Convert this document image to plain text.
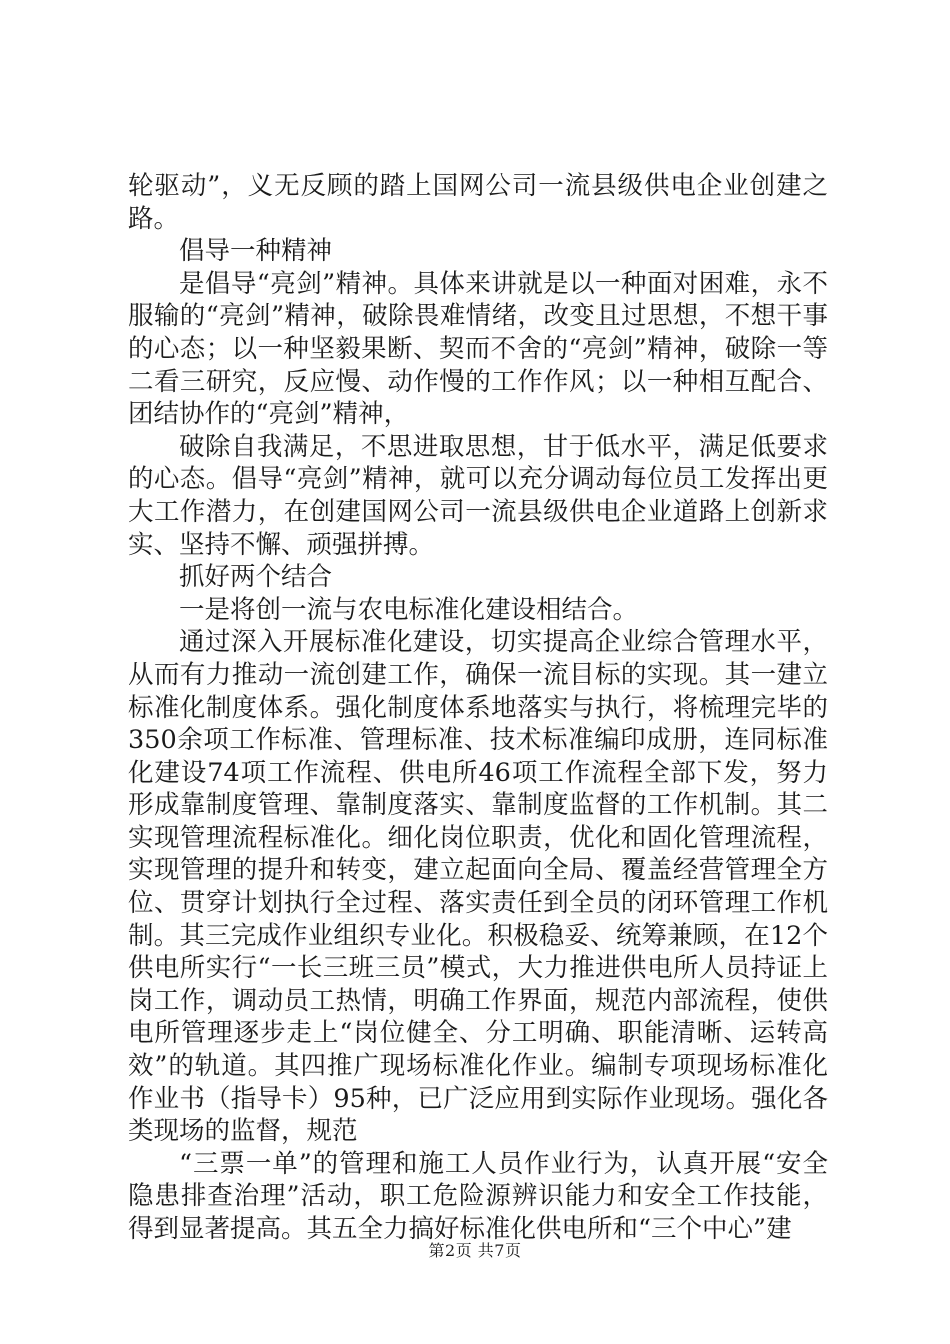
轮驱动”，义无反顾的踏上国网公司一流县级供电企业创建之路。

倡导一种精神

是倡导“亮剑”精神。具体来讲就是以一种面对困难，永不服输的“亮剑”精神，破除畏难情绪，改变且过思想，不想干事的心态；以一种坚毅果断、契而不舍的“亮剑”精神，破除一等二看三研究，反应慢、动作慢的工作作风；以一种相互配合、团结协作的“亮剑”精神，

破除自我满足，不思进取思想，甘于低水平，满足低要求的心态。倡导“亮剑”精神，就可以充分调动每位员工发挥出更大工作潜力，在创建国网公司一流县级供电企业道路上创新求实、坚持不懈、顽强拼搏。

抓好两个结合

一是将创一流与农电标准化建设相结合。

通过深入开展标准化建设，切实提高企业综合管理水平，从而有力推动一流创建工作，确保一流目标的实现。其一建立标准化制度体系。强化制度体系地落实与执行，将梳理完毕的350余项工作标准、管理标准、技术标准编印成册，连同标准化建设74项工作流程、供电所46项工作流程全部下发，努力形成靠制度管理、靠制度落实、靠制度监督的工作机制。其二实现管理流程标准化。细化岗位职责，优化和固化管理流程，实现管理的提升和转变，建立起面向全局、覆盖经营管理全方位、贯穿计划执行全过程、落实责任到全员的闭环管理工作机制。其三完成作业组织专业化。积极稳妥、统筹兼顾，在12个供电所实行“一长三班三员”模式，大力推进供电所人员持证上岗工作，调动员工热情，明确工作界面，规范内部流程，使供电所管理逐步走上“岗位健全、分工明确、职能清晰、运转高效”的轨道。其四推广现场标准化作业。编制专项现场标准化作业书（指导卡）95种，已广泛应用到实际作业现场。强化各类现场的监督，规范

“三票一单”的管理和施工人员作业行为，认真开展“安全隐患排查治理”活动，职工危险源辨识能力和安全工作技能，得到显著提高。其五全力搞好标准化供电所和“三个中心”建

第2页 共7页
